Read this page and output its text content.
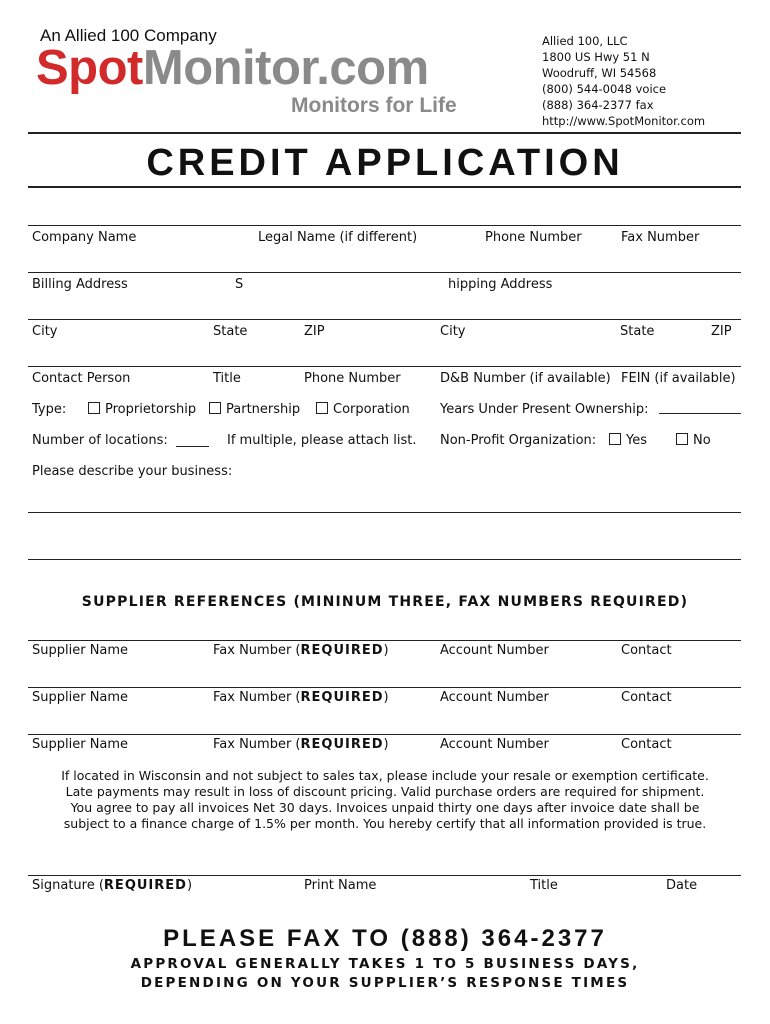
An Allied 100 Company
SpotMonitor.com
Monitors for Life
Allied 100, LLC
1800 US Hwy 51 N
Woodruff, WI 54568
(800) 544-0048 voice
(888) 364-2377 fax
http://www.SpotMonitor.com
CREDIT APPLICATION
Company Name	Legal Name (if different)	Phone Number	Fax Number
Billing Address	S	hipping Address
City	State	ZIP	City	State	ZIP
Contact Person	Title	Phone Number	D&B Number (if available) FEIN (if available)
Type:	Proprietorship	Partnership	Corporation Years Under Present Ownership:
Number of locations:	If multiple, please attach list. Non-Profit Organization:	Yes	No
Please describe your business:
SUPPLIER REFERENCES (MININUM THREE, FAX NUMBERS REQUIRED)
Supplier Name	Fax Number (REQUIRED)	Account Number	Contact
Supplier Name	Fax Number (REQUIRED)	Account Number	Contact
Supplier Name	Fax Number (REQUIRED)	Account Number	Contact
If located in Wisconsin and not subject to sales tax, please include your resale or exemption certificate.
Late payments may result in loss of discount pricing. Valid purchase orders are required for shipment.
You agree to pay all invoices Net 30 days. Invoices unpaid thirty one days after invoice date shall be
subject to a finance charge of 1.5% per month. You hereby certify that all information provided is true.
Signature (REQUIRED)	Print Name	Title	Date
PLEASE FAX TO (888) 364-2377
APPROVAL GENERALLY TAKES 1 TO 5 BUSINESS DAYS,
DEPENDING ON YOUR SUPPLIER’S RESPONSE TIMES
